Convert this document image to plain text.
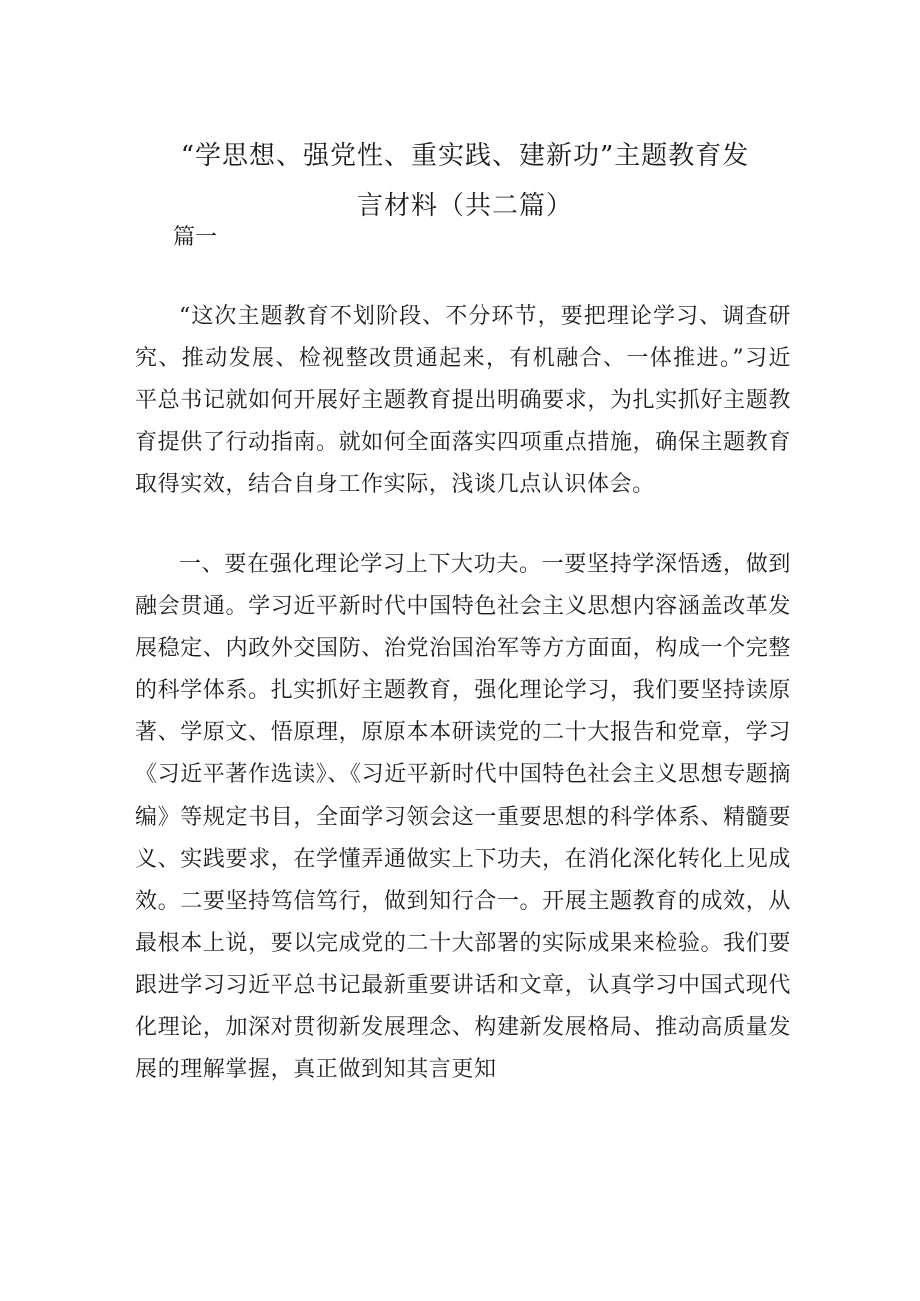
“学思想、强党性、重实践、建新功”主题教育发
言材料（共二篇）

篇一

“这次主题教育不划阶段、不分环节，要把理论学习、调查研究、推动发展、检视整改贯通起来，有机融合、一体推进。”习近平总书记就如何开展好主题教育提出明确要求，为扎实抓好主题教育提供了行动指南。就如何全面落实四项重点措施，确保主题教育取得实效，结合自身工作实际，浅谈几点认识体会。

一、要在强化理论学习上下大功夫。一要坚持学深悟透，做到融会贯通。学习近平新时代中国特色社会主义思想内容涵盖改革发展稳定、内政外交国防、治党治国治军等方方面面，构成一个完整的科学体系。扎实抓好主题教育，强化理论学习，我们要坚持读原著、学原文、悟原理，原原本本研读党的二十大报告和党章，学习《习近平著作选读》、《习近平新时代中国特色社会主义思想专题摘编》等规定书目，全面学习领会这一重要思想的科学体系、精髓要义、实践要求，在学懂弄通做实上下功夫，在消化深化转化上见成效。二要坚持笃信笃行，做到知行合一。开展主题教育的成效，从最根本上说，要以完成党的二十大部署的实际成果来检验。我们要跟进学习习近平总书记最新重要讲话和文章，认真学习中国式现代化理论，加深对贯彻新发展理念、构建新发展格局、推动高质量发展的理解掌握，真正做到知其言更知
